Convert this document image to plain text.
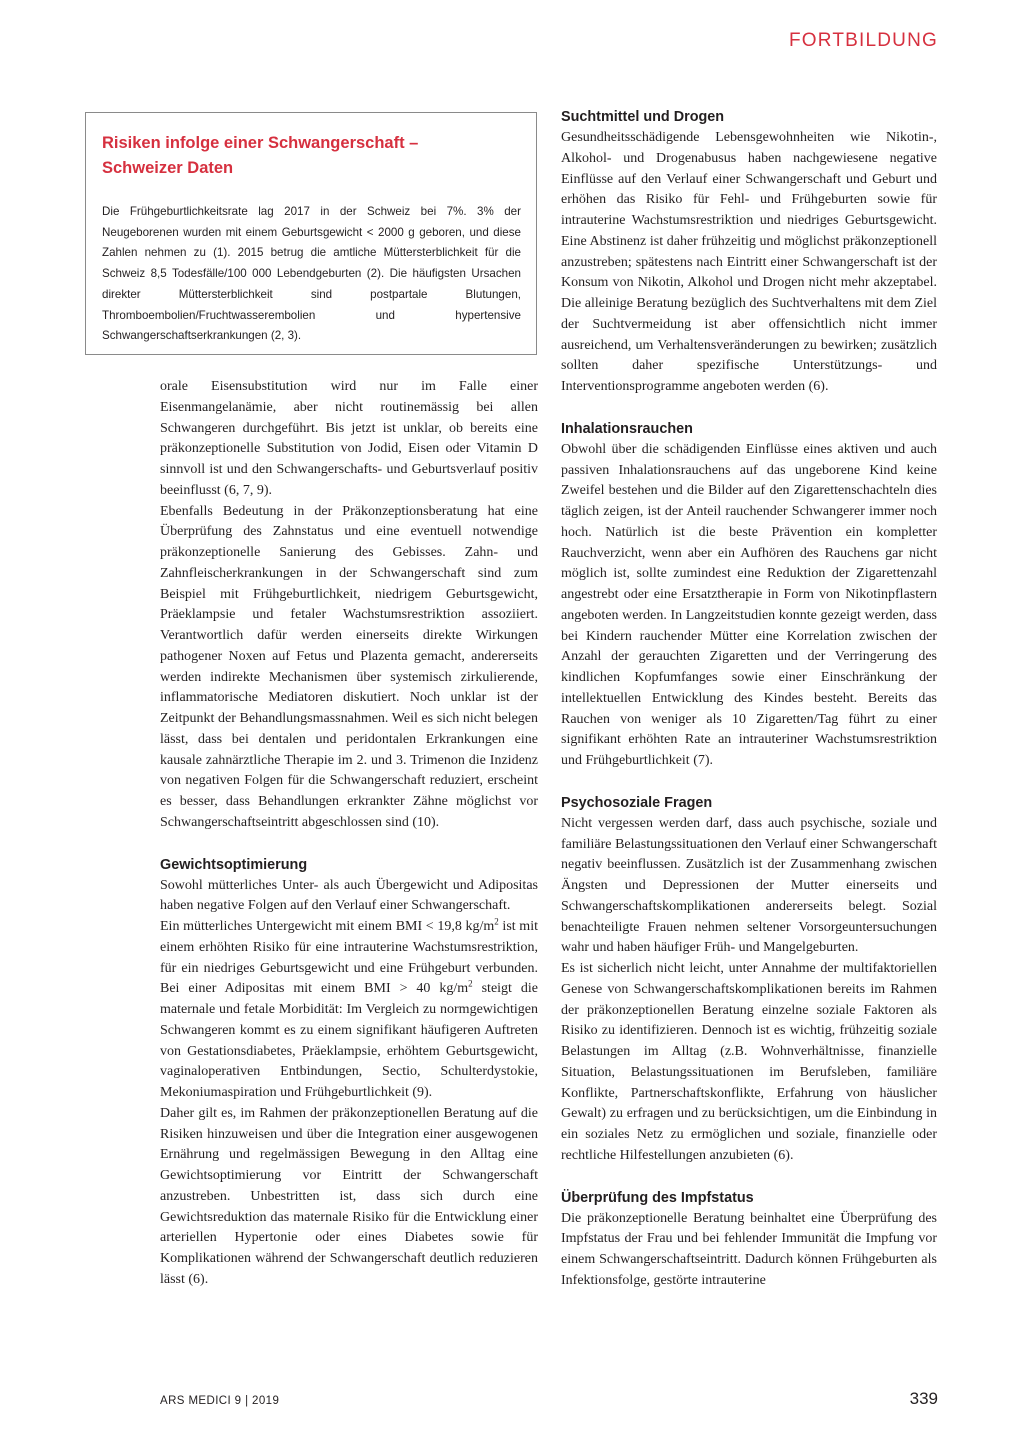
FORTBILDUNG
Risiken infolge einer Schwangerschaft –
Schweizer Daten

Die Frühgeburtlichkeitsrate lag 2017 in der Schweiz bei 7%. 3% der Neugeborenen wurden mit einem Geburtsgewicht < 2000 g geboren, und diese Zahlen nehmen zu (1). 2015 betrug die amtliche Müttersterblichkeit für die Schweiz 8,5 Todesfälle/100 000 Lebendgeburten (2). Die häufigsten Ursachen direkter Müttersterblichkeit sind postpartale Blutungen, Thromboembolien/Fruchtwasserembolien und hypertensive Schwangerschaftserkrankungen (2, 3).

orale Eisensubstitution wird nur im Falle einer Eisenmangelanämie, aber nicht routinemässig bei allen Schwangeren durchgeführt. Bis jetzt ist unklar, ob bereits eine präkonzeptionelle Substitution von Jodid, Eisen oder Vitamin D sinnvoll ist und den Schwangerschafts- und Geburtsverlauf positiv beeinflusst (6, 7, 9).

Ebenfalls Bedeutung in der Präkonzeptionsberatung hat eine Überprüfung des Zahnstatus und eine eventuell notwendige präkonzeptionelle Sanierung des Gebisses. Zahn- und Zahnfleischerkrankungen in der Schwangerschaft sind zum Beispiel mit Frühgeburtlichkeit, niedrigem Geburtsgewicht, Präeklampsie und fetaler Wachstumsrestriktion assoziiert. Verantwortlich dafür werden einerseits direkte Wirkungen pathogener Noxen auf Fetus und Plazenta gemacht, andererseits werden indirekte Mechanismen über systemisch zirkulierende, inflammatorische Mediatoren diskutiert. Noch unklar ist der Zeitpunkt der Behandlungsmassnahmen. Weil es sich nicht belegen lässt, dass bei dentalen und peridontalen Erkrankungen eine kausale zahnärztliche Therapie im 2. und 3. Trimenon die Inzidenz von negativen Folgen für die Schwangerschaft reduziert, erscheint es besser, dass Behandlungen erkrankter Zähne möglichst vor Schwangerschaftseintritt abgeschlossen sind (10).

Gewichtsoptimierung

Sowohl mütterliches Unter- als auch Übergewicht und Adipositas haben negative Folgen auf den Verlauf einer Schwangerschaft.

Ein mütterliches Untergewicht mit einem BMI < 19,8 $kg/m^2$ ist mit einem erhöhten Risiko für eine intrauterine Wachstumsrestriktion, für ein niedriges Geburtsgewicht und eine Frühgeburt verbunden. Bei einer Adipositas mit einem BMI > 40 $kg/m^2$ steigt die maternale und fetale Morbidität: Im Vergleich zu normgewichtigen Schwangeren kommt es zu einem signifikant häufigeren Auftreten von Gestationsdiabetes, Präeklampsie, erhöhtem Geburtsgewicht, vaginaloperativen Entbindungen, Sectio, Schulterdystokie, Mekoniumaspiration und Frühgeburtlichkeit (9).

Daher gilt es, im Rahmen der präkonzeptionellen Beratung auf die Risiken hinzuweisen und über die Integration einer ausgewogenen Ernährung und regelmässigen Bewegung in den Alltag eine Gewichtsoptimierung vor Eintritt der Schwangerschaft anzustreben. Unbestritten ist, dass sich durch eine Gewichtsreduktion das maternale Risiko für die Entwicklung einer arteriellen Hypertonie oder eines Diabetes sowie für Komplikationen während der Schwangerschaft deutlich reduzieren lässt (6).

Suchtmittel und Drogen

Gesundheitsschädigende Lebensgewohnheiten wie Nikotin-, Alkohol- und Drogenabusus haben nachgewiesene negative Einflüsse auf den Verlauf einer Schwangerschaft und Geburt und erhöhen das Risiko für Fehl- und Frühgeburten sowie für intrauterine Wachstumsrestriktion und niedriges Geburtsgewicht. Eine Abstinenz ist daher frühzeitig und möglichst präkonzeptionell anzustreben; spätestens nach Eintritt einer Schwangerschaft ist der Konsum von Nikotin, Alkohol und Drogen nicht mehr akzeptabel. Die alleinige Beratung bezüglich des Suchtverhaltens mit dem Ziel der Suchtvermeidung ist aber offensichtlich nicht immer ausreichend, um Verhaltensveränderungen zu bewirken; zusätzlich sollten daher spezifische Unterstützungs- und Interventionsprogramme angeboten werden (6).

Inhalationsrauchen

Obwohl über die schädigenden Einflüsse eines aktiven und auch passiven Inhalationsrauchens auf das ungeborene Kind keine Zweifel bestehen und die Bilder auf den Zigarettenschachteln dies täglich zeigen, ist der Anteil rauchender Schwangerer immer noch hoch. Natürlich ist die beste Prävention ein kompletter Rauchverzicht, wenn aber ein Aufhören des Rauchens gar nicht möglich ist, sollte zumindest eine Reduktion der Zigarettenzahl angestrebt oder eine Ersatztherapie in Form von Nikotinpflastern angeboten werden. In Langzeitstudien konnte gezeigt werden, dass bei Kindern rauchender Mütter eine Korrelation zwischen der Anzahl der gerauchten Zigaretten und der Verringerung des kindlichen Kopfumfanges sowie einer Einschränkung der intellektuellen Entwicklung des Kindes besteht. Bereits das Rauchen von weniger als 10 Zigaretten/Tag führt zu einer signifikant erhöhten Rate an intrauteriner Wachstumsrestriktion und Frühgeburtlichkeit (7).

Psychosoziale Fragen

Nicht vergessen werden darf, dass auch psychische, soziale und familiäre Belastungssituationen den Verlauf einer Schwangerschaft negativ beeinflussen. Zusätzlich ist der Zusammenhang zwischen Ängsten und Depressionen der Mutter einerseits und Schwangerschaftskomplikationen andererseits belegt. Sozial benachteiligte Frauen nehmen seltener Vorsorgeuntersuchungen wahr und haben häufiger Früh- und Mangelgeburten.

Es ist sicherlich nicht leicht, unter Annahme der multifaktoriellen Genese von Schwangerschaftskomplikationen bereits im Rahmen der präkonzeptionellen Beratung einzelne soziale Faktoren als Risiko zu identifizieren. Dennoch ist es wichtig, frühzeitig soziale Belastungen im Alltag (z.B. Wohnverhältnisse, finanzielle Situation, Belastungssituationen im Berufsleben, familiäre Konflikte, Partnerschaftskonflikte, Erfahrung von häuslicher Gewalt) zu erfragen und zu berücksichtigen, um die Einbindung in ein soziales Netz zu ermöglichen und soziale, finanzielle oder rechtliche Hilfestellungen anzubieten (6).

Überprüfung des Impfstatus

Die präkonzeptionelle Beratung beinhaltet eine Überprüfung des Impfstatus der Frau und bei fehlender Immunität die Impfung vor einem Schwangerschaftseintritt. Dadurch können Frühgeburten als Infektionsfolge, gestörte intrauterine

ARS MEDICI 9 | 2019	339
